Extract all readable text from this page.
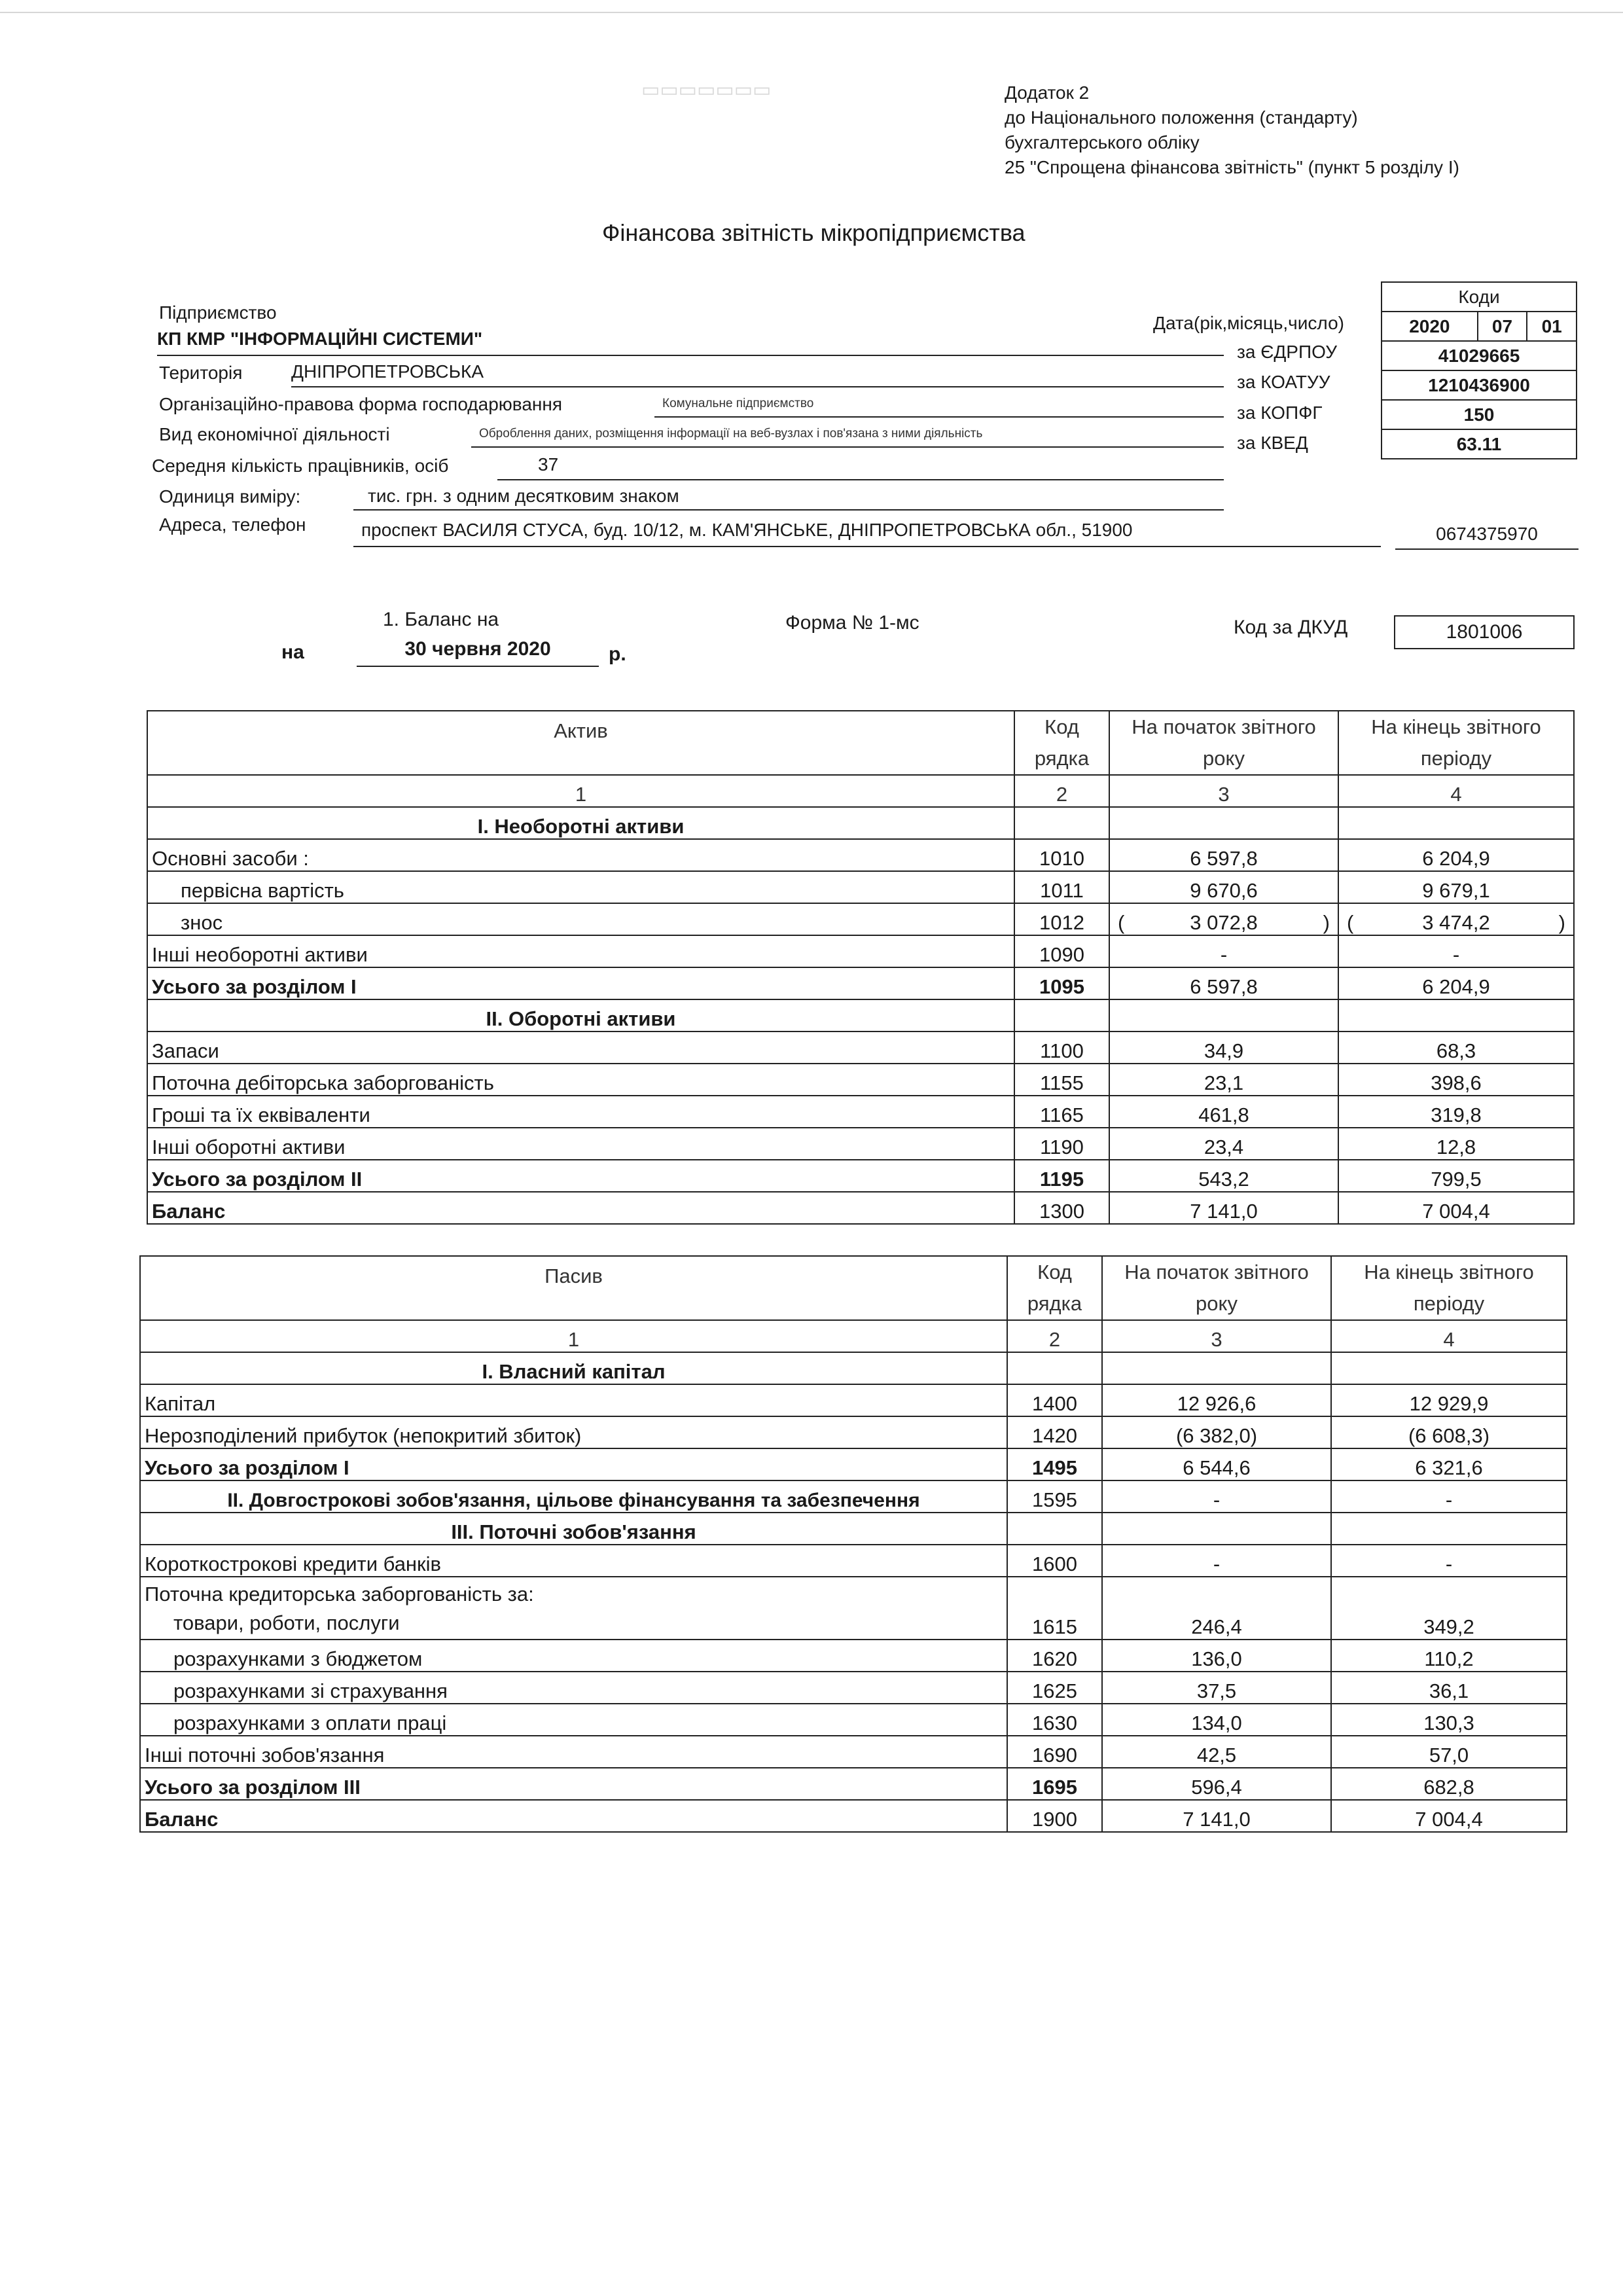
▭▭▭▭▭▭▭	Додаток 2
до Національного положення (стандарту)
бухгалтерського обліку
25 "Спрощена фінансова звітність" (пункт 5 розділу І)
Фінансова звітність мікропідприємства
Коди
2020	07	01
41029665
1210436900
150
63.11
Дата(рік,місяць,число)
за ЄДРПОУ
за КОАТУУ
за КОПФГ
за КВЕД
Підприємство
КП КМР "ІНФОРМАЦІЙНІ СИСТЕМИ"
Територія	ДНІПРОПЕТРОВСЬКА
Організаційно-правова форма господарювання	Комунальне підприємство
Вид економічної діяльності	Оброблення даних, розміщення інформації на веб-вузлах і пов'язана з ними діяльність
Середня кількість працівників, осіб	37
Одиниця виміру:	тис. грн. з одним десятковим знаком
Адреса, телефон	проспект ВАСИЛЯ СТУСА, буд. 10/12, м. КАМ'ЯНСЬКЕ, ДНІПРОПЕТРОВСЬКА обл., 51900	0674375970
1. Баланс на
на	30 червня 2020	р.
Форма № 1-мс	Код за ДКУД	1801006
Актив	Код рядка	На початок звітного року	На кінець звітного періоду
1	2	3	4
І. Необоротні активи			
Основні засоби :	1010	6 597,8	6 204,9
первісна вартість	1011	9 670,6	9 679,1
знос	1012	( 3 072,8 )	( 3 474,2 )

Інші необоротні активи	1090	-	-
Усього за розділом І	1095	6 597,8	6 204,9
ІІ. Оборотні активи			
Запаси	1100	34,9	68,3
Поточна дебіторська заборгованість	1155	23,1	398,6
Гроші та їх еквіваленти	1165	461,8	319,8
Інші оборотні активи	1190	23,4	12,8
Усього за розділом ІІ	1195	543,2	799,5
Баланс	1300	7 141,0	7 004,4
Пасив	Код рядка	На початок звітного року	На кінець звітного періоду
1	2	3	4
І. Власний капітал			
Капітал	1400	12 926,6	12 929,9
Нерозподілений прибуток (непокритий збиток)	1420	(6 382,0)	(6 608,3)
Усього за розділом І	1495	6 544,6	6 321,6
ІІ. Довгострокові зобов'язання, цільове фінансування та забезпечення	1595	-	-
ІІІ. Поточні зобов'язання			
Короткострокові кредити банків	1600	-	-

Поточна кредиторська заборгованість за:
товари, роботи, послуги	1615	246,4	349,2
розрахунками з бюджетом	1620	136,0	110,2
розрахунками зі страхування	1625	37,5	36,1
розрахунками з оплати праці	1630	134,0	130,3
Інші поточні зобов'язання	1690	42,5	57,0
Усього за розділом ІІІ	1695	596,4	682,8
Баланс	1900	7 141,0	7 004,4
